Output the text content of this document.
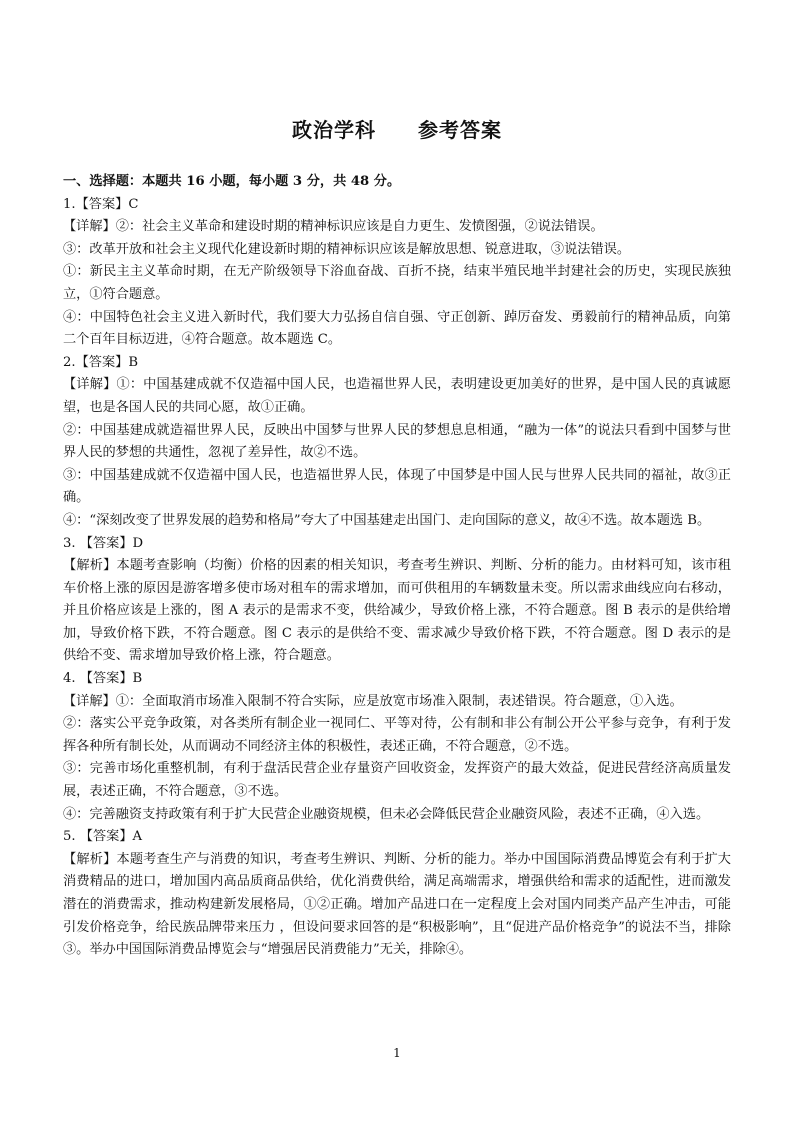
政治学科　　参考答案

一、选择题：本题共 16 小题，每小题 3 分，共 48 分。

1.【答案】C

【详解】②：社会主义革命和建设时期的精神标识应该是自力更生、发愤图强，②说法错误。

③：改革开放和社会主义现代化建设新时期的精神标识应该是解放思想、锐意进取，③说法错误。

①：新民主主义革命时期，在无产阶级领导下浴血奋战、百折不挠，结束半殖民地半封建社会的历史，实现民族独立，①符合题意。

④：中国特色社会主义进入新时代，我们要大力弘扬自信自强、守正创新、踔厉奋发、勇毅前行的精神品质，向第二个百年目标迈进，④符合题意。故本题选 C。

2.【答案】B

【详解】①：中国基建成就不仅造福中国人民，也造福世界人民，表明建设更加美好的世界，是中国人民的真诚愿望，也是各国人民的共同心愿，故①正确。

②：中国基建成就造福世界人民，反映出中国梦与世界人民的梦想息息相通，“融为一体”的说法只看到中国梦与世界人民的梦想的共通性，忽视了差异性，故②不选。

③：中国基建成就不仅造福中国人民，也造福世界人民，体现了中国梦是中国人民与世界人民共同的福祉，故③正确。

④：“深刻改变了世界发展的趋势和格局”夸大了中国基建走出国门、走向国际的意义，故④不选。故本题选 B。

3. 【答案】D

【解析】本题考查影响（均衡）价格的因素的相关知识，考查考生辨识、判断、分析的能力。由材料可知，该市租车价格上涨的原因是游客增多使市场对租车的需求增加，而可供租用的车辆数量未变。所以需求曲线应向右移动，并且价格应该是上涨的，图 A 表示的是需求不变，供给减少，导致价格上涨，不符合题意。图 B 表示的是供给增加，导致价格下跌，不符合题意。图 C 表示的是供给不变、需求减少导致价格下跌，不符合题意。图 D 表示的是供给不变、需求增加导致价格上涨，符合题意。

4. 【答案】B

【详解】①：全面取消市场准入限制不符合实际，应是放宽市场准入限制，表述错误。符合题意，①入选。

②：落实公平竞争政策，对各类所有制企业一视同仁、平等对待，公有制和非公有制公开公平参与竞争，有利于发挥各种所有制长处，从而调动不同经济主体的积极性，表述正确，不符合题意，②不选。

③：完善市场化重整机制，有利于盘活民营企业存量资产回收资金，发挥资产的最大效益，促进民营经济高质量发展，表述正确，不符合题意，③不选。

④：完善融资支持政策有利于扩大民营企业融资规模，但未必会降低民营企业融资风险，表述不正确，④入选。

5. 【答案】A

【解析】本题考查生产与消费的知识，考查考生辨识、判断、分析的能力。举办中国国际消费品博览会有利于扩大消费精品的进口，增加国内高品质商品供给，优化消费供给，满足高端需求，增强供给和需求的适配性，进而激发潜在的消费需求，推动构建新发展格局，①②正确。增加产品进口在一定程度上会对国内同类产品产生冲击，可能引发价格竞争，给民族品牌带来压力 ，但设问要求回答的是“积极影响”，且“促进产品价格竞争”的说法不当，排除③。举办中国国际消费品博览会与“增强居民消费能力”无关，排除④。

1
